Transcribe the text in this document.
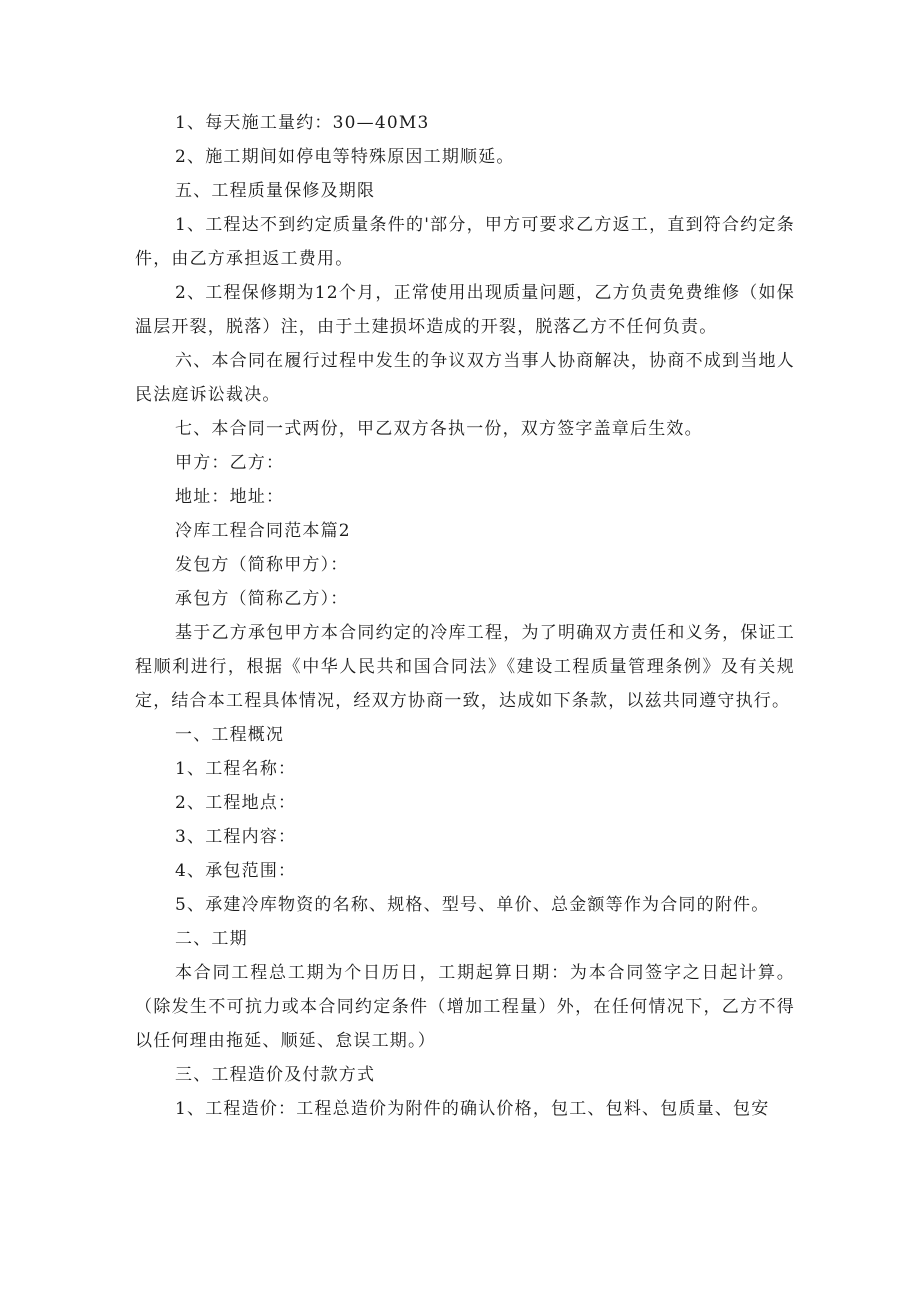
1、每天施工量约：30—40M3

2、施工期间如停电等特殊原因工期顺延。

五、工程质量保修及期限

1、工程达不到约定质量条件的'部分，甲方可要求乙方返工，直到符合约定条件，由乙方承担返工费用。

2、工程保修期为12个月，正常使用出现质量问题，乙方负责免费维修（如保温层开裂，脱落）注，由于土建损坏造成的开裂，脱落乙方不任何负责。

六、本合同在履行过程中发生的争议双方当事人协商解决，协商不成到当地人民法庭诉讼裁决。

七、本合同一式两份，甲乙双方各执一份，双方签字盖章后生效。

甲方：乙方：

地址：地址：

冷库工程合同范本篇2

发包方（简称甲方）：

承包方（简称乙方）：

基于乙方承包甲方本合同约定的冷库工程，为了明确双方责任和义务，保证工程顺利进行，根据《中华人民共和国合同法》《建设工程质量管理条例》及有关规定，结合本工程具体情况，经双方协商一致，达成如下条款，以兹共同遵守执行。

一、工程概况

1、工程名称：

2、工程地点：

3、工程内容：

4、承包范围：

5、承建冷库物资的名称、规格、型号、单价、总金额等作为合同的附件。

二、工期

本合同工程总工期为个日历日，工期起算日期：为本合同签字之日起计算。（除发生不可抗力或本合同约定条件（增加工程量）外，在任何情况下，乙方不得以任何理由拖延、顺延、怠误工期。）

三、工程造价及付款方式

1、工程造价：工程总造价为附件的确认价格，包工、包料、包质量、包安
